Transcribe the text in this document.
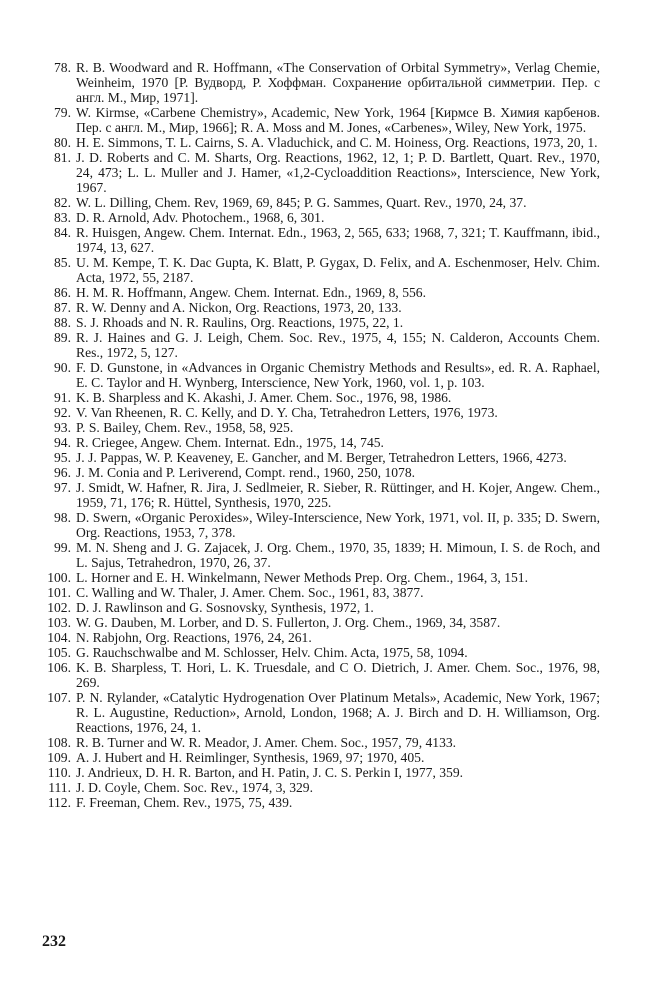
78. R. B. Woodward and R. Hoffmann, «The Conservation of Orbital Symmetry», Verlag Chemie, Weinheim, 1970 [Р. Вудворд, Р. Хоффман. Сохранение орбитальной симметрии. Пер. с англ. М., Мир, 1971].
79. W. Kirmse, «Carbene Chemistry», Academic, New York, 1964 [Кирмсе В. Химия карбенов. Пер. с англ. М., Мир, 1966]; R. A. Moss and M. Jones, «Carbenes», Wiley, New York, 1975.
80. H. E. Simmons, T. L. Cairns, S. A. Vladuchick, and C. M. Hoiness, Org. Reactions, 1973, 20, 1.
81. J. D. Roberts and C. M. Sharts, Org. Reactions, 1962, 12, 1; P. D. Bartlett, Quart. Rev., 1970, 24, 473; L. L. Muller and J. Hamer, «1,2-Cycloaddition Reactions», Interscience, New York, 1967.
82. W. L. Dilling, Chem. Rev, 1969, 69, 845; P. G. Sammes, Quart. Rev., 1970, 24, 37.
83. D. R. Arnold, Adv. Photochem., 1968, 6, 301.
84. R. Huisgen, Angew. Chem. Internat. Edn., 1963, 2, 565, 633; 1968, 7, 321; T. Kauffmann, ibid., 1974, 13, 627.
85. U. M. Kempe, T. K. Dac Gupta, K. Blatt, P. Gygax, D. Felix, and A. Eschenmoser, Helv. Chim. Acta, 1972, 55, 2187.
86. H. M. R. Hoffmann, Angew. Chem. Internat. Edn., 1969, 8, 556.
87. R. W. Denny and A. Nickon, Org. Reactions, 1973, 20, 133.
88. S. J. Rhoads and N. R. Raulins, Org. Reactions, 1975, 22, 1.
89. R. J. Haines and G. J. Leigh, Chem. Soc. Rev., 1975, 4, 155; N. Calderon, Accounts Chem. Res., 1972, 5, 127.
90. F. D. Gunstone, in «Advances in Organic Chemistry Methods and Results», ed. R. A. Raphael, E. C. Taylor and H. Wynberg, Interscience, New York, 1960, vol. 1, p. 103.
91. K. B. Sharpless and K. Akashi, J. Amer. Chem. Soc., 1976, 98, 1986.
92. V. Van Rheenen, R. C. Kelly, and D. Y. Cha, Tetrahedron Letters, 1976, 1973.
93. P. S. Bailey, Chem. Rev., 1958, 58, 925.
94. R. Criegee, Angew. Chem. Internat. Edn., 1975, 14, 745.
95. J. J. Pappas, W. P. Keaveney, E. Gancher, and M. Berger, Tetrahedron Letters, 1966, 4273.
96. J. M. Conia and P. Leriverend, Compt. rend., 1960, 250, 1078.
97. J. Smidt, W. Hafner, R. Jira, J. Sedlmeier, R. Sieber, R. Rüttinger, and H. Kojer, Angew. Chem., 1959, 71, 176; R. Hüttel, Synthesis, 1970, 225.
98. D. Swern, «Organic Peroxides», Wiley-Interscience, New York, 1971, vol. II, p. 335; D. Swern, Org. Reactions, 1953, 7, 378.
99. M. N. Sheng and J. G. Zajacek, J. Org. Chem., 1970, 35, 1839; H. Mimoun, I. S. de Roch, and L. Sajus, Tetrahedron, 1970, 26, 37.
100. L. Horner and E. H. Winkelmann, Newer Methods Prep. Org. Chem., 1964, 3, 151.
101. C. Walling and W. Thaler, J. Amer. Chem. Soc., 1961, 83, 3877.
102. D. J. Rawlinson and G. Sosnovsky, Synthesis, 1972, 1.
103. W. G. Dauben, M. Lorber, and D. S. Fullerton, J. Org. Chem., 1969, 34, 3587.
104. N. Rabjohn, Org. Reactions, 1976, 24, 261.
105. G. Rauchschwalbe and M. Schlosser, Helv. Chim. Acta, 1975, 58, 1094.
106. K. B. Sharpless, T. Hori, L. K. Truesdale, and C O. Dietrich, J. Amer. Chem. Soc., 1976, 98, 269.
107. P. N. Rylander, «Catalytic Hydrogenation Over Platinum Metals», Academic, New York, 1967; R. L. Augustine, Reduction», Arnold, London, 1968; A. J. Birch and D. H. Williamson, Org. Reactions, 1976, 24, 1.
108. R. B. Turner and W. R. Meador, J. Amer. Chem. Soc., 1957, 79, 4133.
109. A. J. Hubert and H. Reimlinger, Synthesis, 1969, 97; 1970, 405.
110. J. Andrieux, D. H. R. Barton, and H. Patin, J. C. S. Perkin I, 1977, 359.
111. J. D. Coyle, Chem. Soc. Rev., 1974, 3, 329.
112. F. Freeman, Chem. Rev., 1975, 75, 439.
232
